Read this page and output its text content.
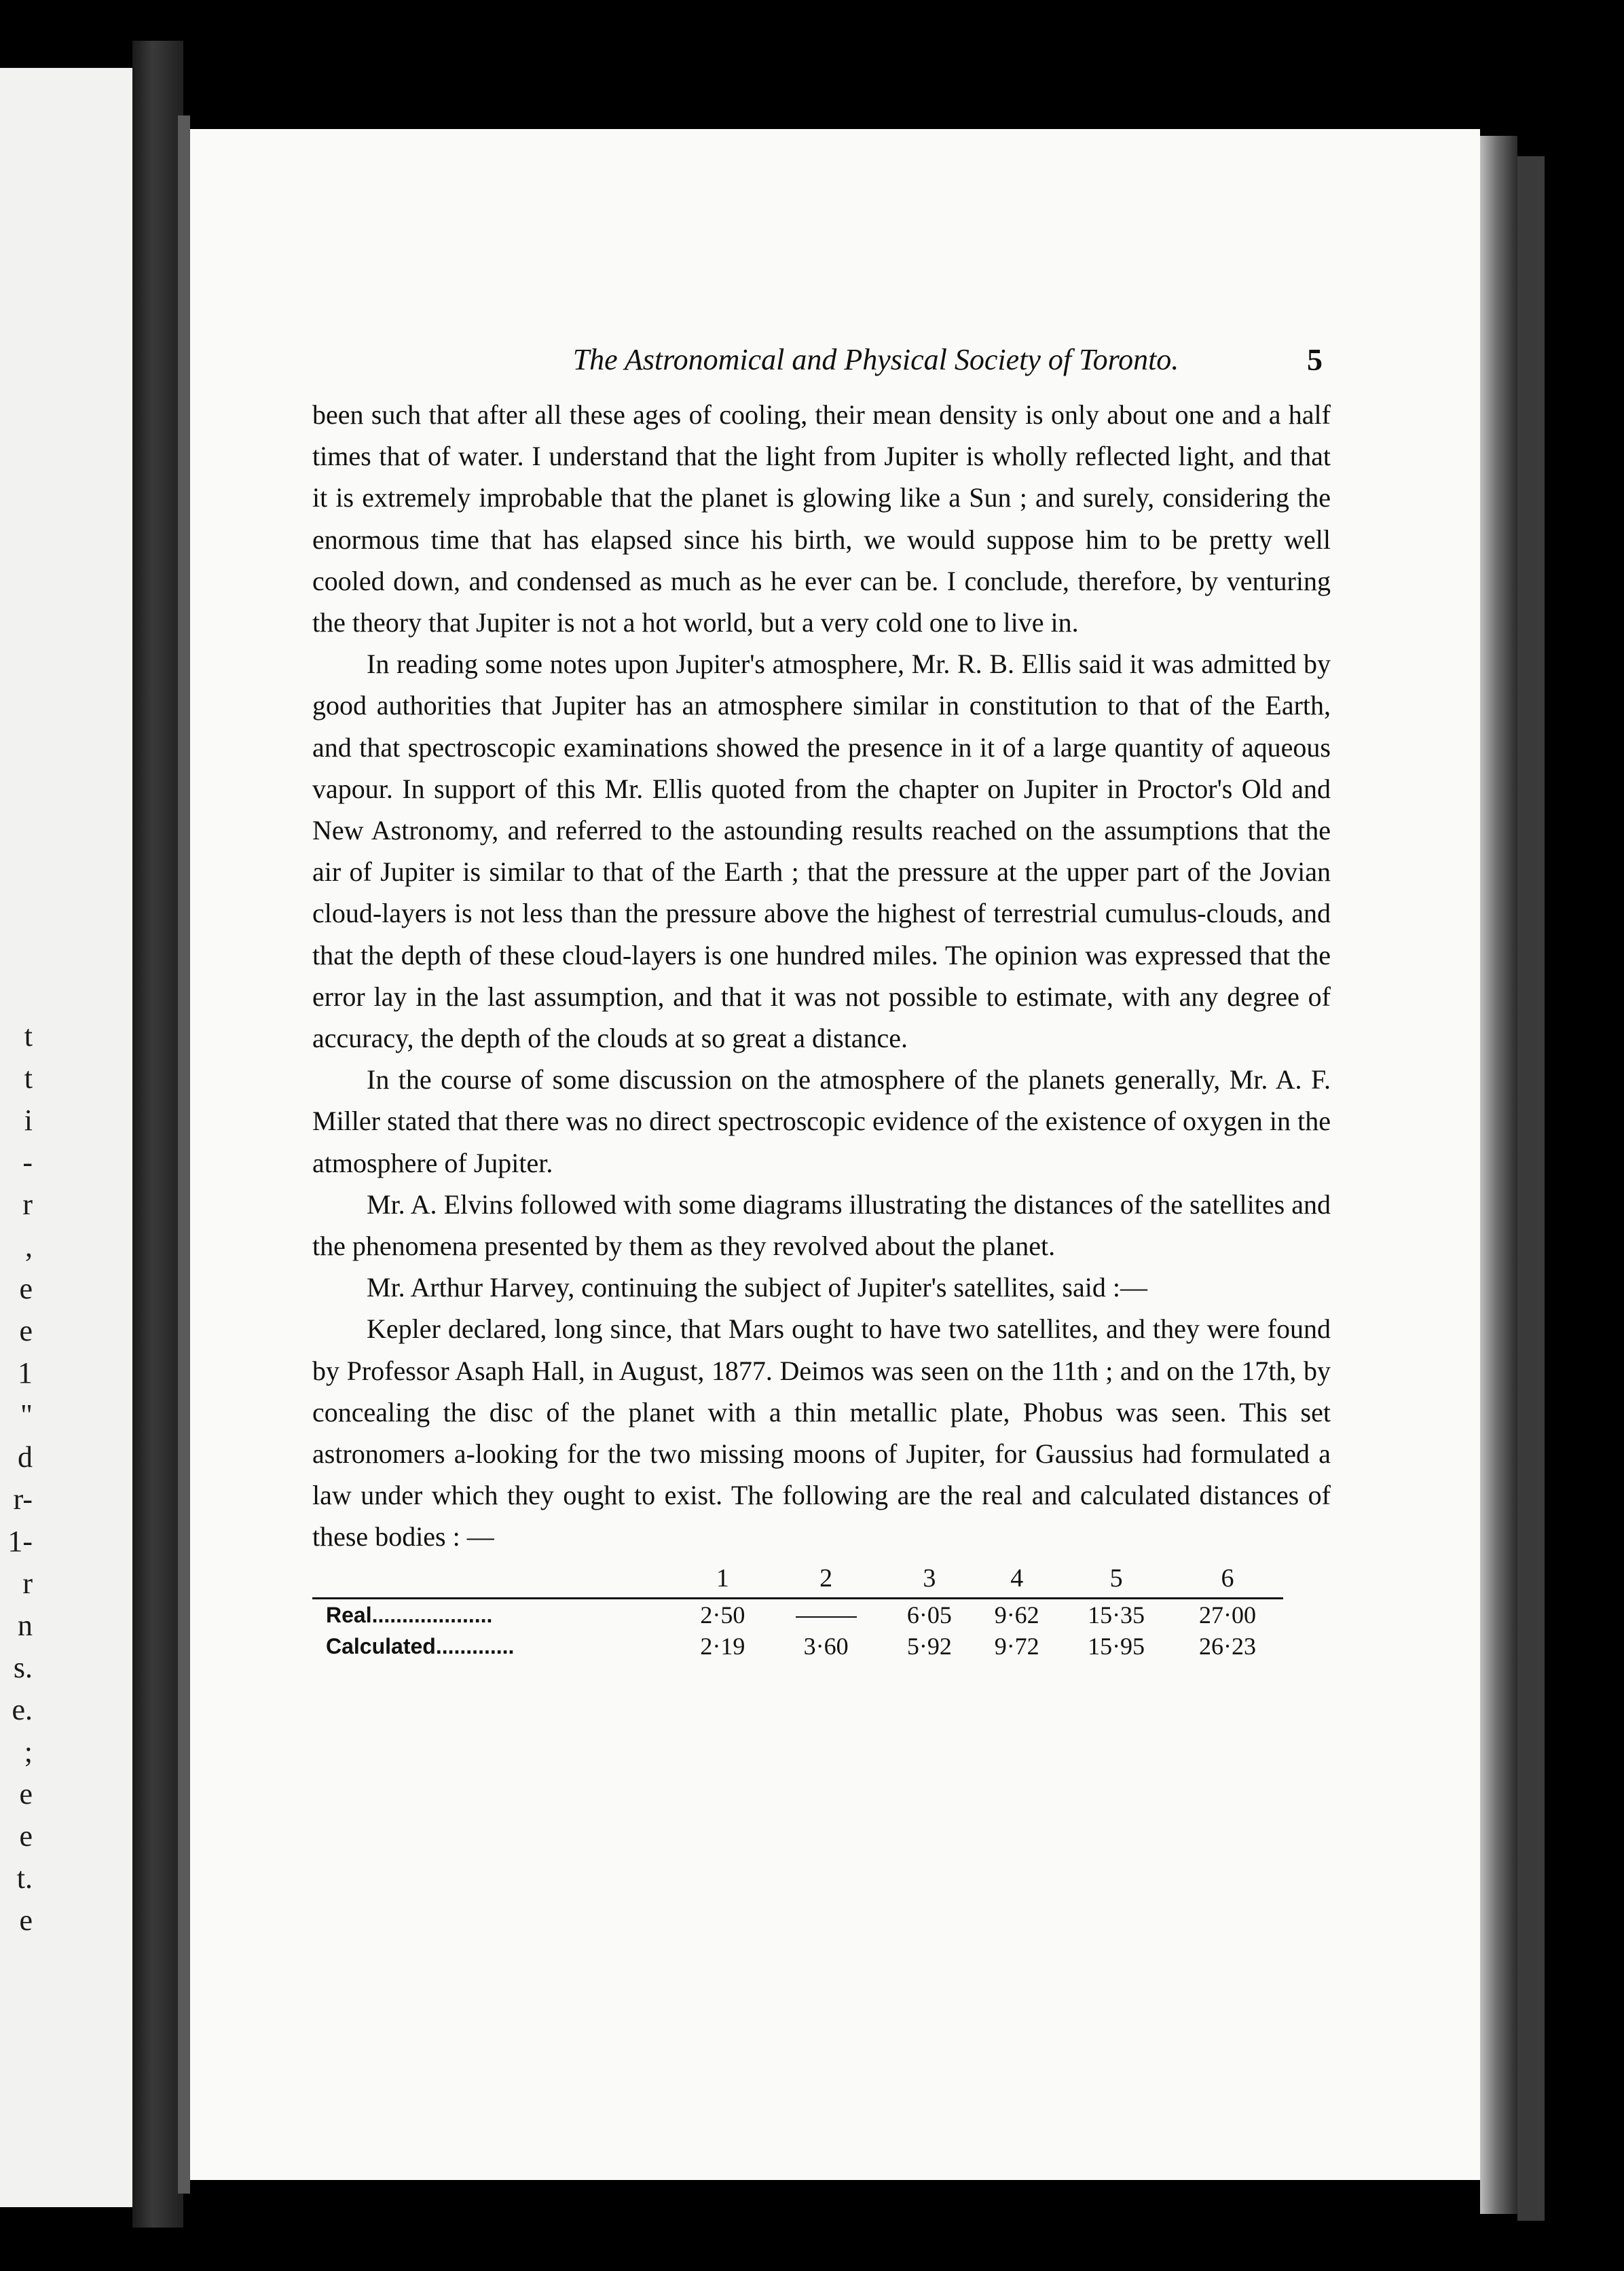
t
t
i
-
r
,
e
e
1
"
d
r-
1-
r
n
s.
e.
;
e
e
t.
e
The Astronomical and Physical Society of Toronto.	5

been such that after all these ages of cooling, their mean density is only about one and a half times that of water. I understand that the light from Jupiter is wholly reflected light, and that it is extremely improbable that the planet is glowing like a Sun ; and surely, considering the enormous time that has elapsed since his birth, we would suppose him to be pretty well cooled down, and condensed as much as he ever can be. I conclude, therefore, by venturing the theory that Jupiter is not a hot world, but a very cold one to live in.

In reading some notes upon Jupiter's atmosphere, Mr. R. B. Ellis said it was admitted by good authorities that Jupiter has an atmosphere similar in constitution to that of the Earth, and that spectroscopic examinations showed the presence in it of a large quantity of aqueous vapour. In support of this Mr. Ellis quoted from the chapter on Jupiter in Proctor's Old and New Astronomy, and referred to the astounding results reached on the assumptions that the air of Jupiter is similar to that of the Earth ; that the pressure at the upper part of the Jovian cloud-layers is not less than the pressure above the highest of terrestrial cumulus-clouds, and that the depth of these cloud-layers is one hundred miles. The opinion was expressed that the error lay in the last assumption, and that it was not possible to estimate, with any degree of accuracy, the depth of the clouds at so great a distance.

In the course of some discussion on the atmosphere of the planets generally, Mr. A. F. Miller stated that there was no direct spectroscopic evidence of the existence of oxygen in the atmosphere of Jupiter.

Mr. A. Elvins followed with some diagrams illustrating the distances of the satellites and the phenomena presented by them as they revolved about the planet.

Mr. Arthur Harvey, continuing the subject of Jupiter's satellites, said :—

Kepler declared, long since, that Mars ought to have two satellites, and they were found by Professor Asaph Hall, in August, 1877. Deimos was seen on the 11th ; and on the 17th, by concealing the disc of the planet with a thin metallic plate, Phobus was seen. This set astronomers a-looking for the two missing moons of Jupiter, for Gaussius had formulated a law under which they ought to exist. The following are the real and calculated distances of these bodies : —

	1	2	3	4	5	6
Real....................	2·50		6·05	9·62	15·35	27·00
Calculated.............	2·19	3·60	5·92	9·72	15·95	26·23
